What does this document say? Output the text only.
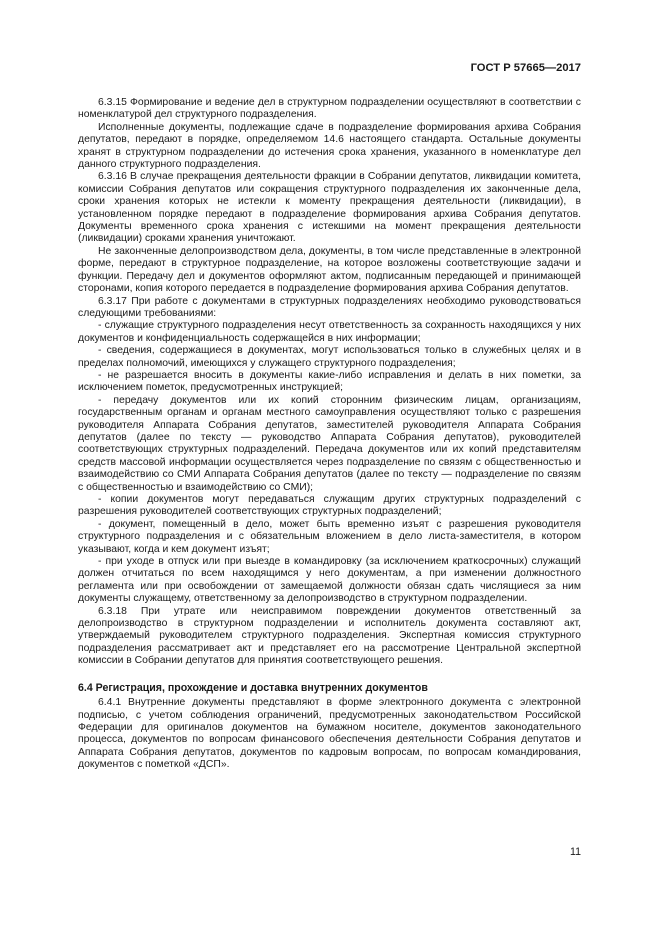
ГОСТ Р 57665—2017

6.3.15 Формирование и ведение дел в структурном подразделении осуществляют в соответствии с номенклатурой дел структурного подразделения.

Исполненные документы, подлежащие сдаче в подразделение формирования архива Собрания депутатов, передают в порядке, определяемом 14.6 настоящего стандарта. Остальные документы хранят в структурном подразделении до истечения срока хранения, указанного в номенклатуре дел данного структурного подразделения.

6.3.16 В случае прекращения деятельности фракции в Собрании депутатов, ликвидации комитета, комиссии Собрания депутатов или сокращения структурного подразделения их законченные дела, сроки хранения которых не истекли к моменту прекращения деятельности (ликвидации), в установленном порядке передают в подразделение формирования архива Собрания депутатов. Документы временного срока хранения с истекшими на момент прекращения деятельности (ликвидации) сроками хранения уничтожают.

Не законченные делопроизводством дела, документы, в том числе представленные в электронной форме, передают в структурное подразделение, на которое возложены соответствующие задачи и функции. Передачу дел и документов оформляют актом, подписанным передающей и принимающей сторонами, копия которого передается в подразделение формирования архива Собрания депутатов.

6.3.17 При работе с документами в структурных подразделениях необходимо руководствоваться следующими требованиями:

- служащие структурного подразделения несут ответственность за сохранность находящихся у них документов и конфиденциальность содержащейся в них информации;

- сведения, содержащиеся в документах, могут использоваться только в служебных целях и в пределах полномочий, имеющихся у служащего структурного подразделения;

- не разрешается вносить в документы какие-либо исправления и делать в них пометки, за исключением пометок, предусмотренных инструкцией;

- передачу документов или их копий сторонним физическим лицам, организациям, государственным органам и органам местного самоуправления осуществляют только с разрешения руководителя Аппарата Собрания депутатов, заместителей руководителя Аппарата Собрания депутатов (далее по тексту — руководство Аппарата Собрания депутатов), руководителей соответствующих структурных подразделений. Передача документов или их копий представителям средств массовой информации осуществляется через подразделение по связям с общественностью и взаимодействию со СМИ Аппарата Собрания депутатов (далее по тексту — подразделение по связям с общественностью и взаимодействию со СМИ);

- копии документов могут передаваться служащим других структурных подразделений с разрешения руководителей соответствующих структурных подразделений;

- документ, помещенный в дело, может быть временно изъят с разрешения руководителя структурного подразделения и с обязательным вложением в дело листа-заместителя, в котором указывают, когда и кем документ изъят;

- при уходе в отпуск или при выезде в командировку (за исключением краткосрочных) служащий должен отчитаться по всем находящимся у него документам, а при изменении должностного регламента или при освобождении от замещаемой должности обязан сдать числящиеся за ним документы служащему, ответственному за делопроизводство в структурном подразделении.

6.3.18 При утрате или неисправимом повреждении документов ответственный за делопроизводство в структурном подразделении и исполнитель документа составляют акт, утверждаемый руководителем структурного подразделения. Экспертная комиссия структурного подразделения рассматривает акт и представляет его на рассмотрение Центральной экспертной комиссии в Собрании депутатов для принятия соответствующего решения.

6.4 Регистрация, прохождение и доставка внутренних документов

6.4.1 Внутренние документы представляют в форме электронного документа с электронной подписью, с учетом соблюдения ограничений, предусмотренных законодательством Российской Федерации для оригиналов документов на бумажном носителе, документов законодательного процесса, документов по вопросам финансового обеспечения деятельности Собрания депутатов и Аппарата Собрания депутатов, документов по кадровым вопросам, по вопросам командирования, документов с пометкой «ДСП».

11
